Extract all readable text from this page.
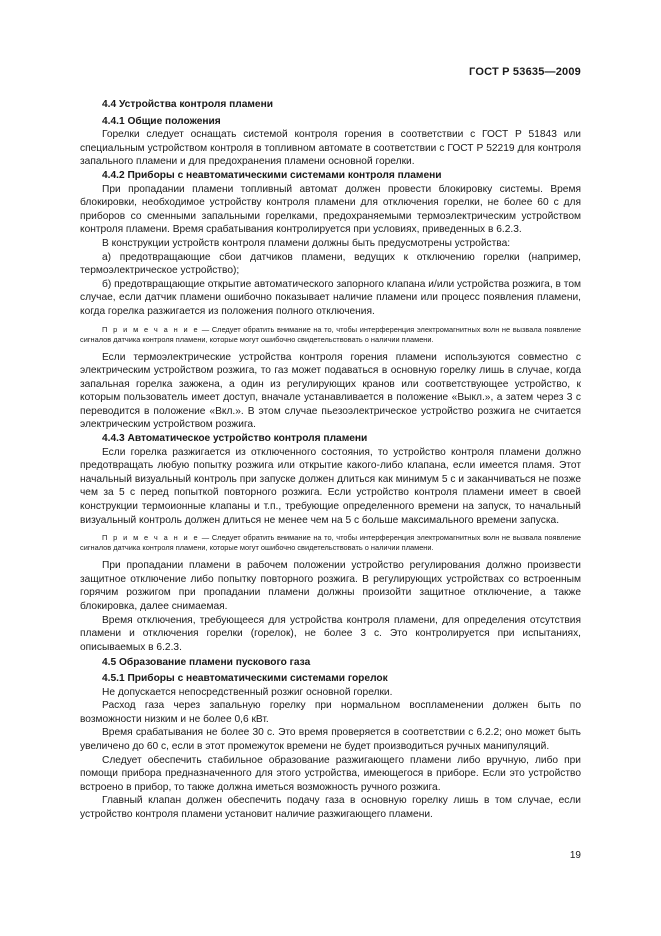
ГОСТ Р 53635—2009

4.4 Устройства контроля пламени

4.4.1 Общие положения

Горелки следует оснащать системой контроля горения в соответствии с ГОСТ Р 51843 или специальным устройством контроля в топливном автомате в соответствии с ГОСТ Р 52219 для контроля запального пламени и для предохранения пламени основной горелки.

4.4.2 Приборы с неавтоматическими системами контроля пламени

При пропадании пламени топливный автомат должен провести блокировку системы. Время блокировки, необходимое устройству контроля пламени для отключения горелки, не более 60 с для приборов со сменными запальными горелками, предохраняемыми термоэлектрическим устройством контроля пламени. Время срабатывания контролируется при условиях, приведенных в 6.2.3.

В конструкции устройств контроля пламени должны быть предусмотрены устройства:

а) предотвращающие сбои датчиков пламени, ведущих к отключению горелки (например, термоэлектрическое устройство);

б) предотвращающие открытие автоматического запорного клапана и/или устройства розжига, в том случае, если датчик пламени ошибочно показывает наличие пламени или процесс появления пламени, когда горелка разжигается из положения полного отключения.

П р и м е ч а н и е — Следует обратить внимание на то, чтобы интерференция электромагнитных волн не вызвала появление сигналов датчика контроля пламени, которые могут ошибочно свидетельствовать о наличии пламени.

Если термоэлектрические устройства контроля горения пламени используются совместно с электрическим устройством розжига, то газ может подаваться в основную горелку лишь в случае, когда запальная горелка зажжена, а один из регулирующих кранов или соответствующее устройство, к которым пользователь имеет доступ, вначале устанавливается в положение «Выкл.», а затем через 3 с переводится в положение «Вкл.». В этом случае пьезоэлектрическое устройство розжига не считается электрическим устройством розжига.

4.4.3 Автоматическое устройство контроля пламени

Если горелка разжигается из отключенного состояния, то устройство контроля пламени должно предотвращать любую попытку розжига или открытие какого-либо клапана, если имеется пламя. Этот начальный визуальный контроль при запуске должен длиться как минимум 5 с и заканчиваться не позже чем за 5 с перед попыткой повторного розжига. Если устройство контроля пламени имеет в своей конструкции термоионные клапаны и т.п., требующие определенного времени на запуск, то начальный визуальный контроль должен длиться не менее чем на 5 с больше максимального времени запуска.

П р и м е ч а н и е — Следует обратить внимание на то, чтобы интерференция электромагнитных волн не вызвала появление сигналов датчика контроля пламени, которые могут ошибочно свидетельствовать о наличии пламени.

При пропадании пламени в рабочем положении устройство регулирования должно произвести защитное отключение либо попытку повторного розжига. В регулирующих устройствах со встроенным горячим розжигом при пропадании пламени должны произойти защитное отключение, а также блокировка, далее снимаемая.

Время отключения, требующееся для устройства контроля пламени, для определения отсутствия пламени и отключения горелки (горелок), не более 3 с. Это контролируется при испытаниях, описываемых в 6.2.3.

4.5 Образование пламени пускового газа

4.5.1 Приборы с неавтоматическими системами горелок

Не допускается непосредственный розжиг основной горелки.

Расход газа через запальную горелку при нормальном воспламенении должен быть по возможности низким и не более 0,6 кВт.

Время срабатывания не более 30 с. Это время проверяется в соответствии с 6.2.2; оно может быть увеличено до 60 с, если в этот промежуток времени не будет производиться ручных манипуляций.

Следует обеспечить стабильное образование разжигающего пламени либо вручную, либо при помощи прибора предназначенного для этого устройства, имеющегося в приборе. Если это устройство встроено в прибор, то также должна иметься возможность ручного розжига.

Главный клапан должен обеспечить подачу газа в основную горелку лишь в том случае, если устройство контроля пламени установит наличие разжигающего пламени.

19
